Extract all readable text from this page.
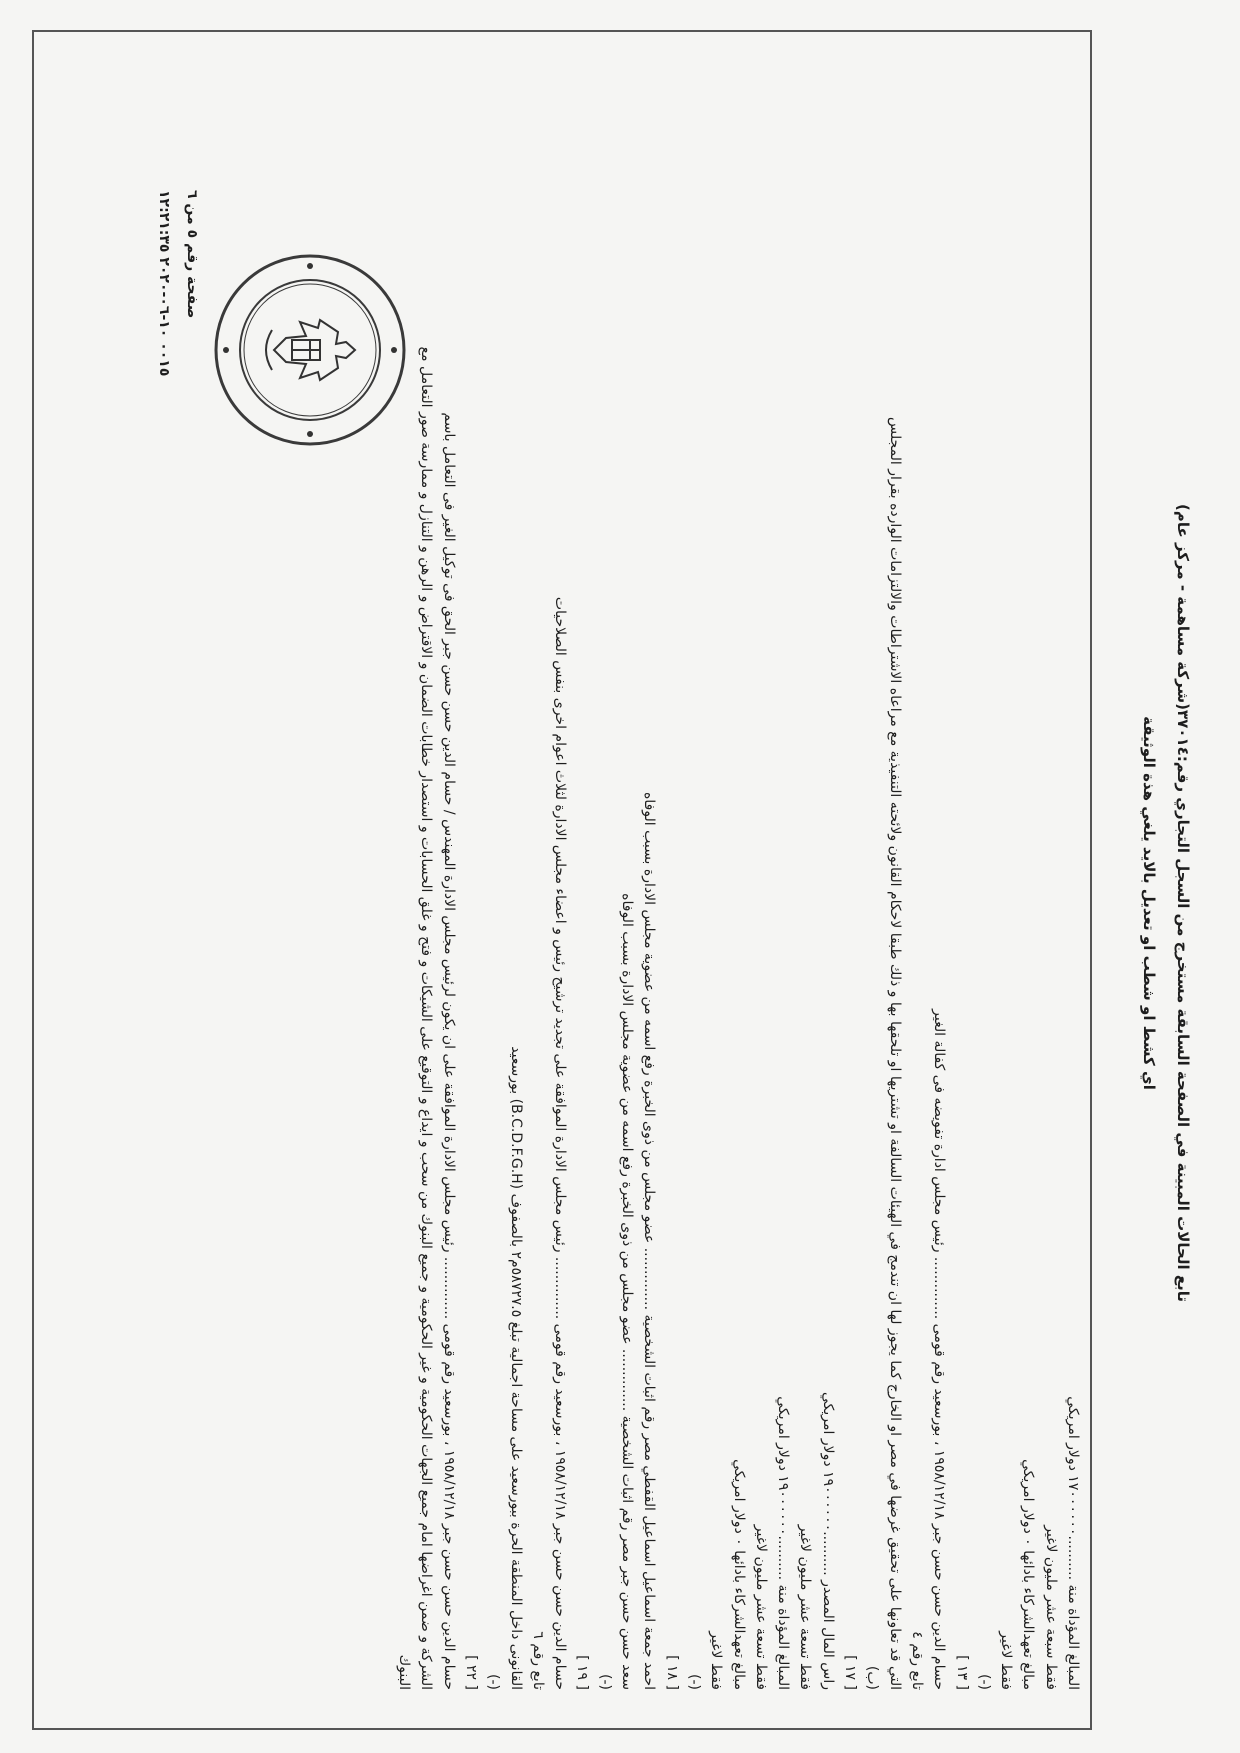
تابع الحالات المبينة في الصفحة السابقة مستخرج من السجل التجاري رقم:٣٧٠١٤(شركة مساهمة - مركز عام)
اي كشط او شطب او تعديل بالايد يلغي هذة الوثيقة
صفحة رقم ٥ من ٦
٠٠١٥ ١٠-٠٦-٢٠٢٠ ١٢:٢١:٣٥
المبالغ المؤداة منة ..........١٧٠٠٠٠٠٠ دولار امريكي
فقط سبعة عشر مليون لاغير
مبالغ تعهدالشركاء بادائها ٠ دولار امريكي
فقط لاغير
(-)
[ ١٣ ]
حسام الدين حسن حسن جبر ١٩٥٨/١٢/١٨ ، بورسعيد رقم قومى .............. رئيس مجلس ادارة تفويضه فى كفالة الغير
تابع رقم ٤
التي قد تعاونها على تحقيق غرضها في مصر او الخارج كما يجوز لها ان تندمج في الهيئات السالفة او تشتريها او تلحقها بها و ذلك طبقا لاحكام القانون ولائحته التنفيذية مع مراعاه الاشتراطات والالتزامات الوارده بقرار المجلس
(ب)
[ ١٧ ]
راس المال المصدر ..........١٩٠٠٠٠٠٠ دولار امريكي
فقط تسعة عشر مليون لاغير
المبالغ المؤداة منة ..........١٩٠٠٠٠٠٠ دولار امريكي
فقط تسعة عشر مليون لاغير
مبالغ تعهدالشركاء بادائها ٠ دولار امريكي
فقط لاغير
(-)
[ ١٨ ]
احمد جمعة اسماعيل اسماعيل القفطي مصر رقم اثبات الشخصية .............. عضو مجلس من ذوى الخبرة رفع اسمه من عضوية مجلس الادارة بسبب الوفاه
سعد حسن حسن جبر مصر رقم اثبات الشخصية .............. عضو مجلس من ذوى الخبرة رفع اسمه من عضوية مجلس الادارة بسبب الوفاه
(-)
[ ١٩ ]
حسام الدين حسن حسن جبر ١٩٥٨/١٢/١٨ ، بورسعيد رقم قومى .............. رئيس مجلس الادارة الموافقة على تجديد ترشيح رئيس و اعضاء مجلس الادارة لثلاث اعوام اخرى بنفس الصلاحيات
تابع رقم ٦
القانونى داخل المنطقة الحرة ببورسعيد على مساحة اجمالية تبلغ ٥٨٧٢٧.٥م٢ بالصفوف (B.C.D.F.G.H) بورسعيد
(-)
[ ٢٢ ]
حسام الدين حسن حسن جبر ١٩٥٨/١٢/١٨ ، بورسعيد رقم قومى .............. رئيس مجلس الادارة الموافقة على ان يكون لرئيس مجلس الادارة المهندس / حسام الدين حسن حسن جبر الحق فى توكيل الغير فى التعامل باسم
الشركة و ضمن اغراضها امام جميع الجهات الحكومية و غير الحكومية و جميع البنوك من سحب و ايداع و التوقيع على الشيكات و فتح و غلق الحسابات و استصدار خطابات الضمان و الاقتراض و الرهن و التنازل و ممارسة صور التعامل مع
البنوك
